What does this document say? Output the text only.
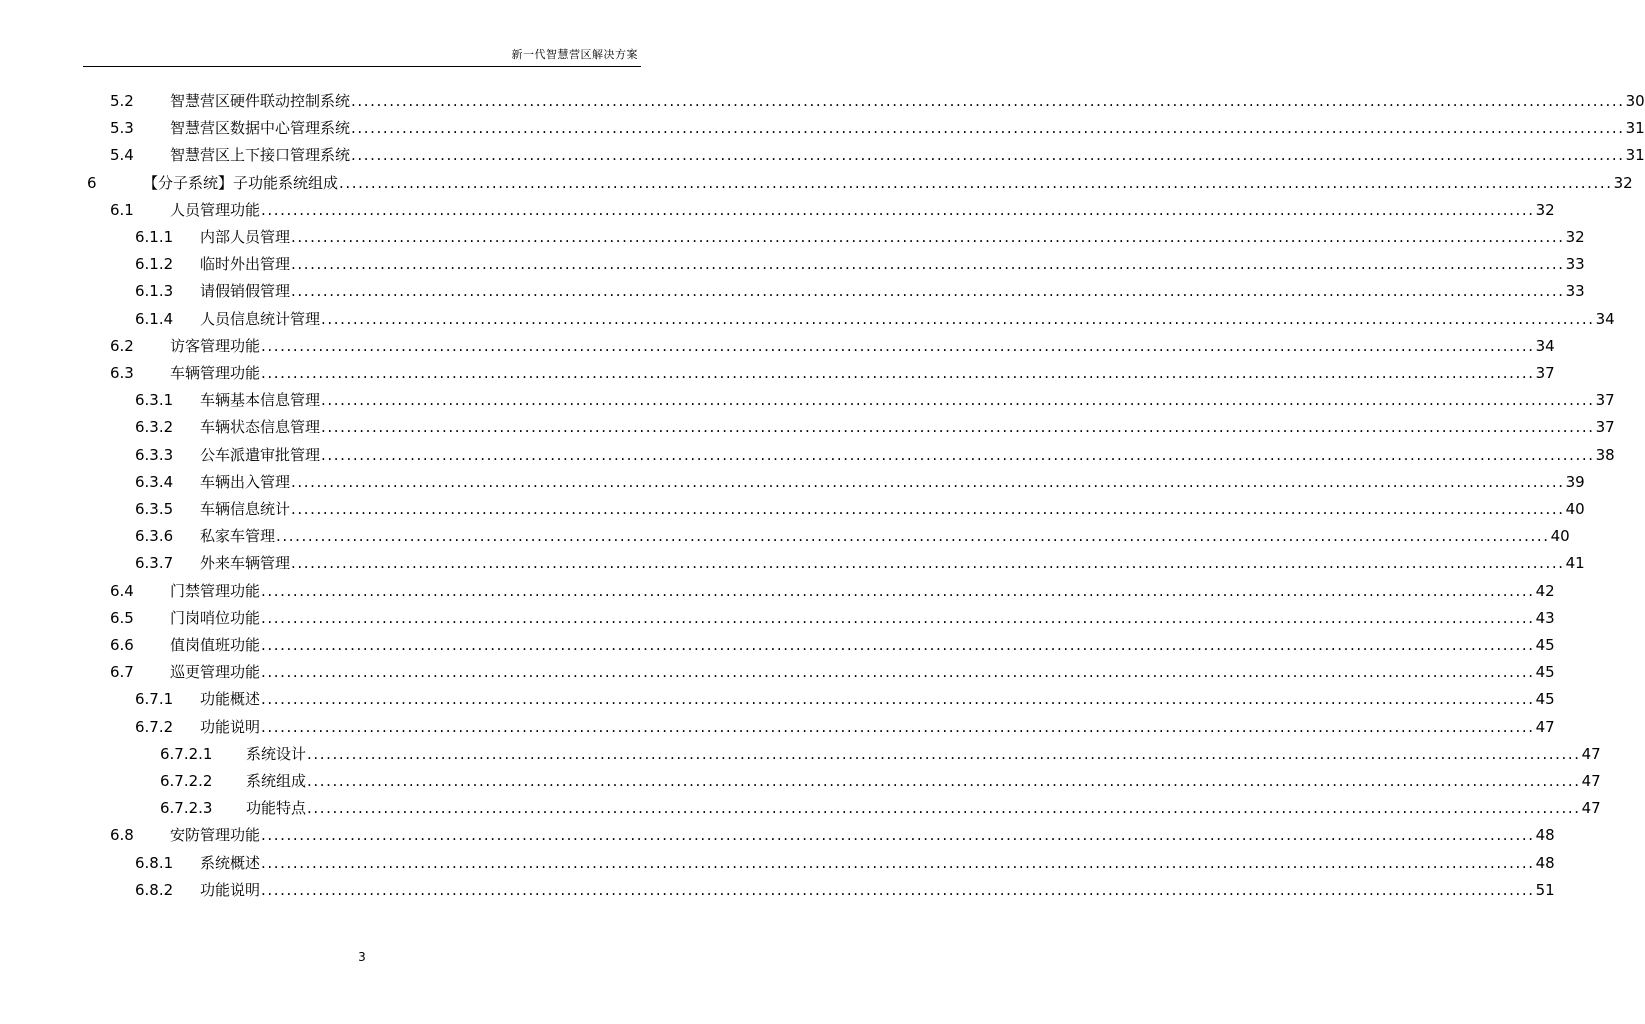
新一代智慧营区解决方案
5.2 智慧营区硬件联动控制系统 ........................................................................................................................................................................................................ 30
5.3 智慧营区数据中心管理系统 ........................................................................................................................................................................................................ 31
5.4 智慧营区上下接口管理系统 ........................................................................................................................................................................................................ 31
6	【分子系统】子功能系统组成 ........................................................................................................................................................................................................ 32
6.1 人员管理功能 ........................................................................................................................................................................................................ 32
6.1.1 内部人员管理 ........................................................................................................................................................................................................ 32
6.1.2 临时外出管理 ........................................................................................................................................................................................................ 33
6.1.3 请假销假管理 ........................................................................................................................................................................................................ 33
6.1.4 人员信息统计管理 ........................................................................................................................................................................................................ 34
6.2 访客管理功能 ........................................................................................................................................................................................................ 34
6.3 车辆管理功能 ........................................................................................................................................................................................................ 37
6.3.1 车辆基本信息管理 ........................................................................................................................................................................................................ 37
6.3.2 车辆状态信息管理 ........................................................................................................................................................................................................ 37
6.3.3 公车派遣审批管理 ........................................................................................................................................................................................................ 38
6.3.4 车辆出入管理 ........................................................................................................................................................................................................ 39
6.3.5 车辆信息统计 ........................................................................................................................................................................................................ 40
6.3.6 私家车管理 ........................................................................................................................................................................................................ 40
6.3.7 外来车辆管理 ........................................................................................................................................................................................................ 41
6.4 门禁管理功能 ........................................................................................................................................................................................................ 42
6.5 门岗哨位功能 ........................................................................................................................................................................................................ 43
6.6 值岗值班功能 ........................................................................................................................................................................................................ 45
6.7 巡更管理功能 ........................................................................................................................................................................................................ 45
6.7.1 功能概述 ........................................................................................................................................................................................................ 45
6.7.2 功能说明 ........................................................................................................................................................................................................ 47
6.7.2.1 系统设计 ........................................................................................................................................................................................................ 47
6.7.2.2 系统组成 ........................................................................................................................................................................................................ 47
6.7.2.3 功能特点 ........................................................................................................................................................................................................ 47
6.8 安防管理功能 ........................................................................................................................................................................................................ 48
6.8.1 系统概述 ........................................................................................................................................................................................................ 48
6.8.2 功能说明 ........................................................................................................................................................................................................ 51
3
